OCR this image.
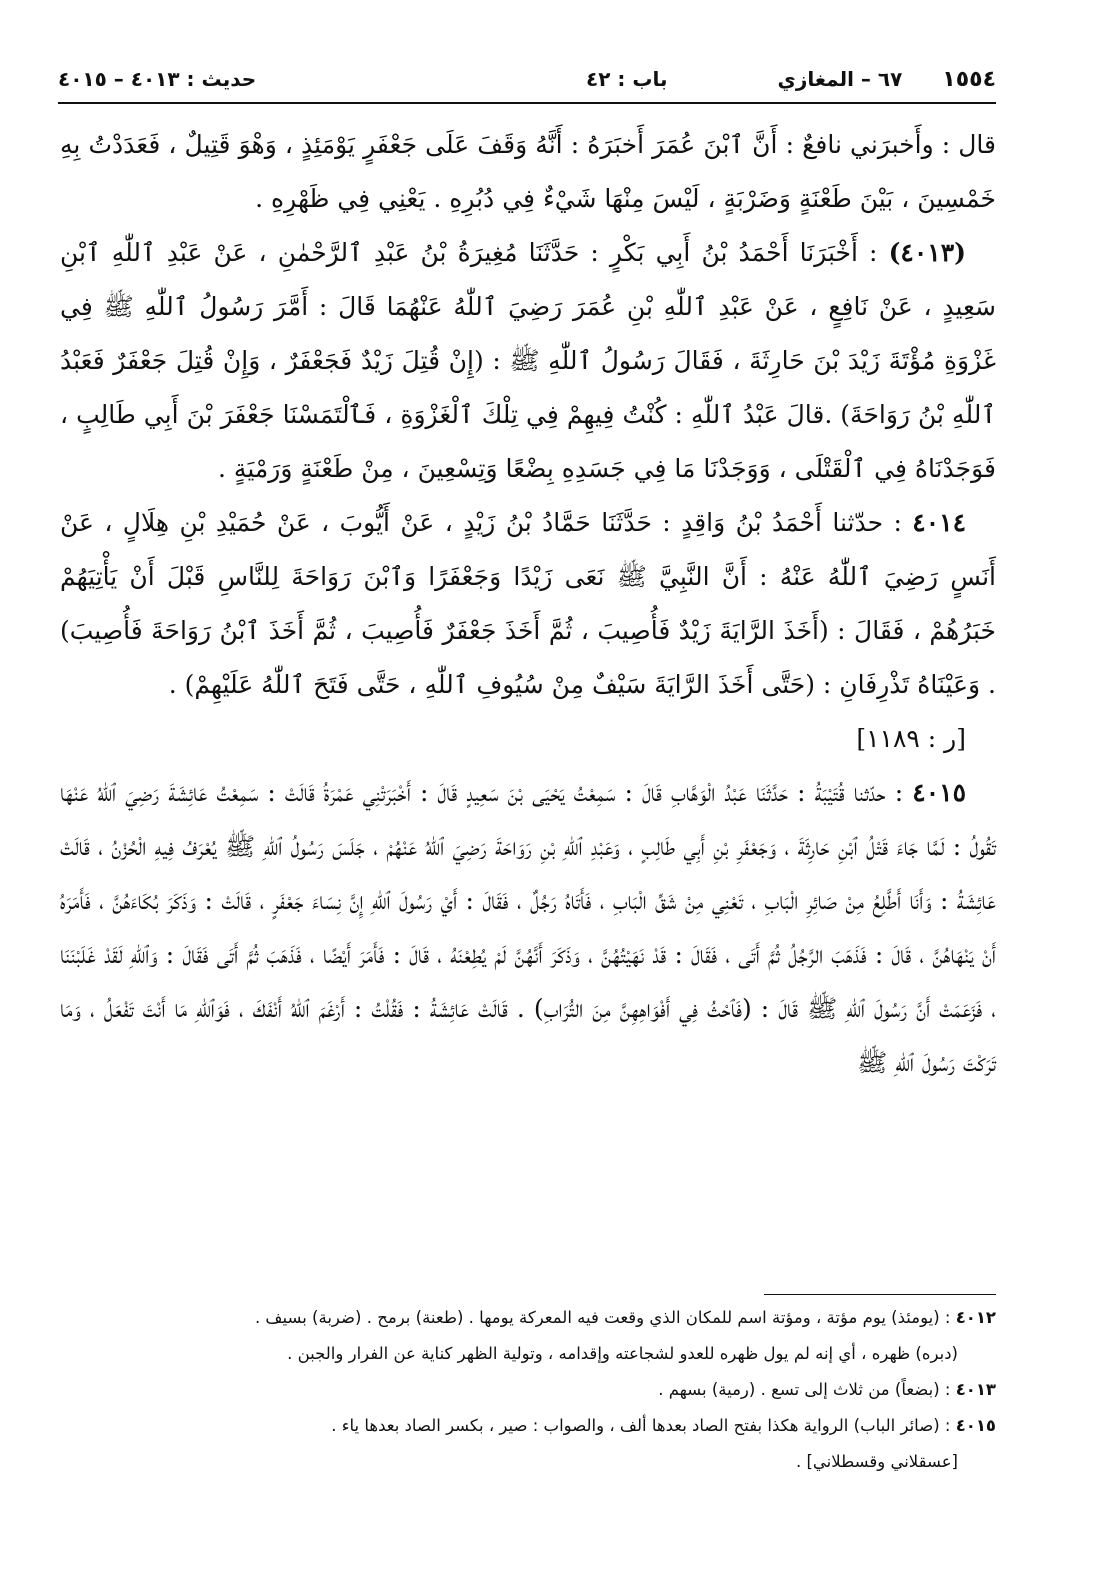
١٥٥٤
٦٧ – المغازي
باب : ٤٢
حديث : ٤٠١٣ – ٤٠١٥

قال : وأَخبرَني نافعٌ : أَنَّ ٱبْنَ عُمَرَ أَخبَرَهُ : أَنَّهُ وَقَفَ عَلَى جَعْفَرٍ يَوْمَئِذٍ ، وَهْوَ قَتِيلٌ ، فَعَدَدْتُ بِهِ خَمْسِينَ ، بَيْنَ طَعْنَةٍ وَضَرْبَةٍ ، لَيْسَ مِنْهَا شَيْءٌ فِي دُبُرِهِ . يَعْنِي فِي ظَهْرِهِ .

(٤٠١٣) : أَخْبَرَنَا أَحْمَدُ بْنُ أَبِي بَكْرٍ : حَدَّثَنَا مُغِيرَةُ بْنُ عَبْدِ ٱلرَّحْمٰنِ ، عَنْ عَبْدِ ٱللّٰهِ ٱبْنِ سَعِيدٍ ، عَنْ نَافِعٍ ، عَنْ عَبْدِ ٱللّٰهِ بْنِ عُمَرَ رَضِيَ ٱللّٰهُ عَنْهُمَا قَالَ : أَمَّرَ رَسُولُ ٱللّٰهِ ﷺ فِي غَزْوَةِ مُؤْتَةَ زَيْدَ بْنَ حَارِثَةَ ، فَقَالَ رَسُولُ ٱللّٰهِ ﷺ : (إِنْ قُتِلَ زَيْدٌ فَجَعْفَرٌ ، وَإِنْ قُتِلَ جَعْفَرٌ فَعَبْدُ ٱللّٰهِ بْنُ رَوَاحَةَ) .قالَ عَبْدُ ٱللّٰهِ : كُنْتُ فِيهِمْ فِي تِلْكَ ٱلْغَزْوَةِ ، فَٱلْتَمَسْنَا جَعْفَرَ بْنَ أَبِي طَالِبٍ ، فَوَجَدْنَاهُ فِي ٱلْقَتْلَى ، وَوَجَدْنَا مَا فِي جَسَدِهِ بِضْعًا وَتِسْعِينَ ، مِنْ طَعْنَةٍ وَرَمْيَةٍ .

٤٠١٤ : حدّثنا أَحْمَدُ بْنُ وَاقِدٍ : حَدَّثَنَا حَمَّادُ بْنُ زَيْدٍ ، عَنْ أَيُّوبَ ، عَنْ حُمَيْدِ بْنِ هِلَالٍ ، عَنْ أَنَسٍ رَضِيَ ٱللّٰهُ عَنْهُ : أَنَّ النَّبِيَّ ﷺ نَعَى زَيْدًا وَجَعْفَرًا وَٱبْنَ رَوَاحَةَ لِلنَّاسِ قَبْلَ أَنْ يَأْتِيَهُمْ خَبَرُهُمْ ، فَقَالَ : (أَخَذَ الرَّايَةَ زَيْدٌ فَأُصِيبَ ، ثُمَّ أَخَذَ جَعْفَرٌ فَأُصِيبَ ، ثُمَّ أَخَذَ ٱبْنُ رَوَاحَةَ فَأُصِيبَ) . وَعَيْنَاهُ تَذْرِفَانِ : (حَتَّى أَخَذَ الرَّايَةَ سَيْفٌ مِنْ سُيُوفِ ٱللّٰهِ ، حَتَّى فَتَحَ ٱللّٰهُ عَلَيْهِمْ) .

[ر : ١١٨٩]

٤٠١٥ : حدّثنا قُتَيْبَةُ : حَدَّثَنَا عَبْدُ الْوَهَّابِ قَالَ : سَمِعْتُ يَحْيَى بْنَ سَعِيدٍ قَالَ : أَخْبَرَتْنِي عَمْرَةُ قَالَتْ : سَمِعْتُ عَائِشَةَ رَضِيَ ٱللّٰهُ عَنْهَا تَقُولُ : لَمَّا جَاءَ قَتْلُ ٱبْنِ حَارِثَةَ ، وَجَعْفَرِ بْنِ أَبِي طَالِبٍ ، وَعَبْدِ ٱللّٰهِ بْنِ رَوَاحَةَ رَضِيَ ٱللّٰهُ عَنْهُمْ ، جَلَسَ رَسُولُ ٱللّٰهِ ﷺ يُعْرَفُ فِيهِ الْحُزْنُ ، قَالَتْ عَائِشَةُ : وَأَنَا أَطَّلِعُ مِنْ صَائِرِ الْبَابِ ، تَعْنِي مِنْ شَقِّ الْبَابِ ، فَأَتَاهُ رَجُلٌ ، فَقَالَ : أَيْ رَسُولَ ٱللّٰهِ إِنَّ نِسَاءَ جَعْفَرٍ ، قَالَتْ : وَذَكَرَ بُكَاءَهُنَّ ، فَأَمَرَهُ أَنْ يَنْهَاهُنَّ ، قَالَ : فَذَهَبَ الرَّجُلُ ثُمَّ أَتَى ، فَقَالَ : قَدْ نَهَيْتُهُنَّ ، وَذَكَرَ أَنَّهُنَّ لَمْ يُطِعْنَهُ ، قَالَ : فَأَمَرَ أَيْضًا ، فَذَهَبَ ثُمَّ أَتَى فَقَالَ : وَٱللّٰهِ لَقَدْ غَلَبْنَنَا ، فَزَعَمَتْ أَنَّ رَسُولَ ٱللّٰهِ ﷺ قَالَ : (فَٱحْثُ فِي أَفْوَاهِهِنَّ مِنَ التُّرَابِ) . قَالَتْ عَائِشَةُ : فَقُلْتُ : أَرْغَمَ ٱللّٰهُ أَنْفَكَ ، فَوَٱللّٰهِ مَا أَنْتَ تَفْعَلُ ، وَمَا تَرَكْتَ رَسُولَ ٱللّٰهِ ﷺ

٤٠١٢ : (يومئذ) يوم مؤتة ، ومؤتة اسم للمكان الذي وقعت فيه المعركة يومها . (طعنة) برمح . (ضربة) بسيف .

(دبره) ظهره ، أي إنه لم يول ظهره للعدو لشجاعته وإقدامه ، وتولية الظهر كناية عن الفرار والجبن .

٤٠١٣ : (بضعاً) من ثلاث إلى تسع . (رمية) بسهم .

٤٠١٥ : (صائر الباب) الرواية هكذا بفتح الصاد بعدها ألف ، والصواب : صير ، بكسر الصاد بعدها ياء .

[عسقلاني وقسطلاني] .
